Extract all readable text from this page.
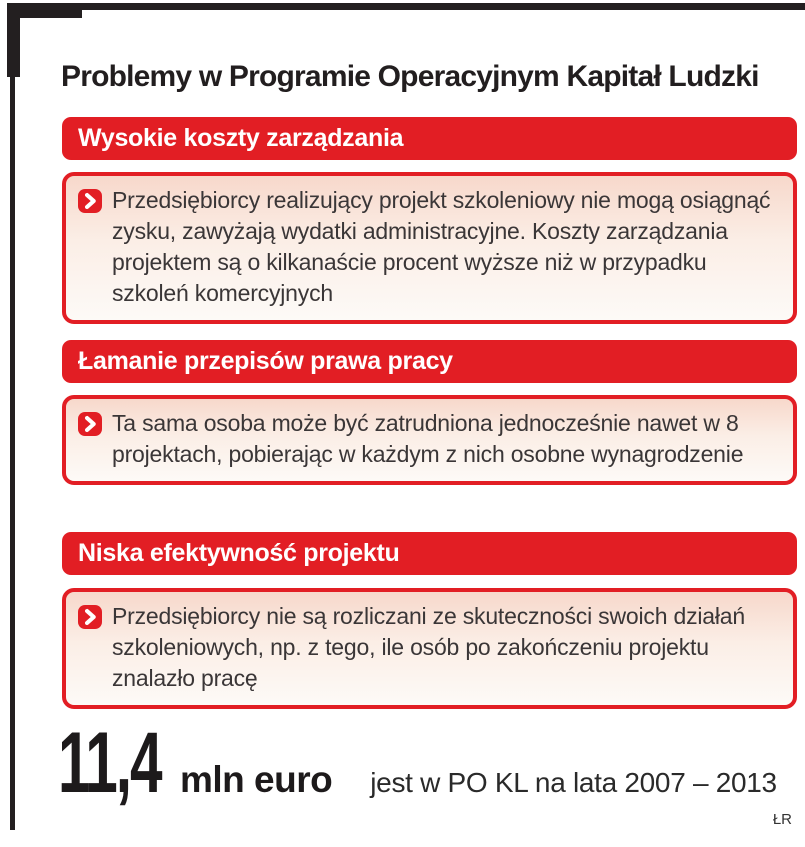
Problemy w Programie Operacyjnym Kapitał Ludzki
Wysokie koszty zarządzania

Przedsiębiorcy realizujący projekt szkoleniowy nie mogą osiągnąć zysku, zawyżają wydatki administracyjne. Koszty zarządzania projektem są o kilkanaście procent wyższe niż w przypadku szkoleń komercyjnych

Łamanie przepisów prawa pracy

Ta sama osoba może być zatrudniona jednocześnie nawet w 8 projektach, pobierając w każdym z nich osobne wynagrodzenie

Niska efektywność projektu

Przedsiębiorcy nie są rozliczani ze skuteczności swoich działań szkoleniowych, np. z tego, ile osób po zakończeniu projektu znalazło pracę

11,4 mln euro jest w PO KL na lata 2007 – 2013
ŁR
